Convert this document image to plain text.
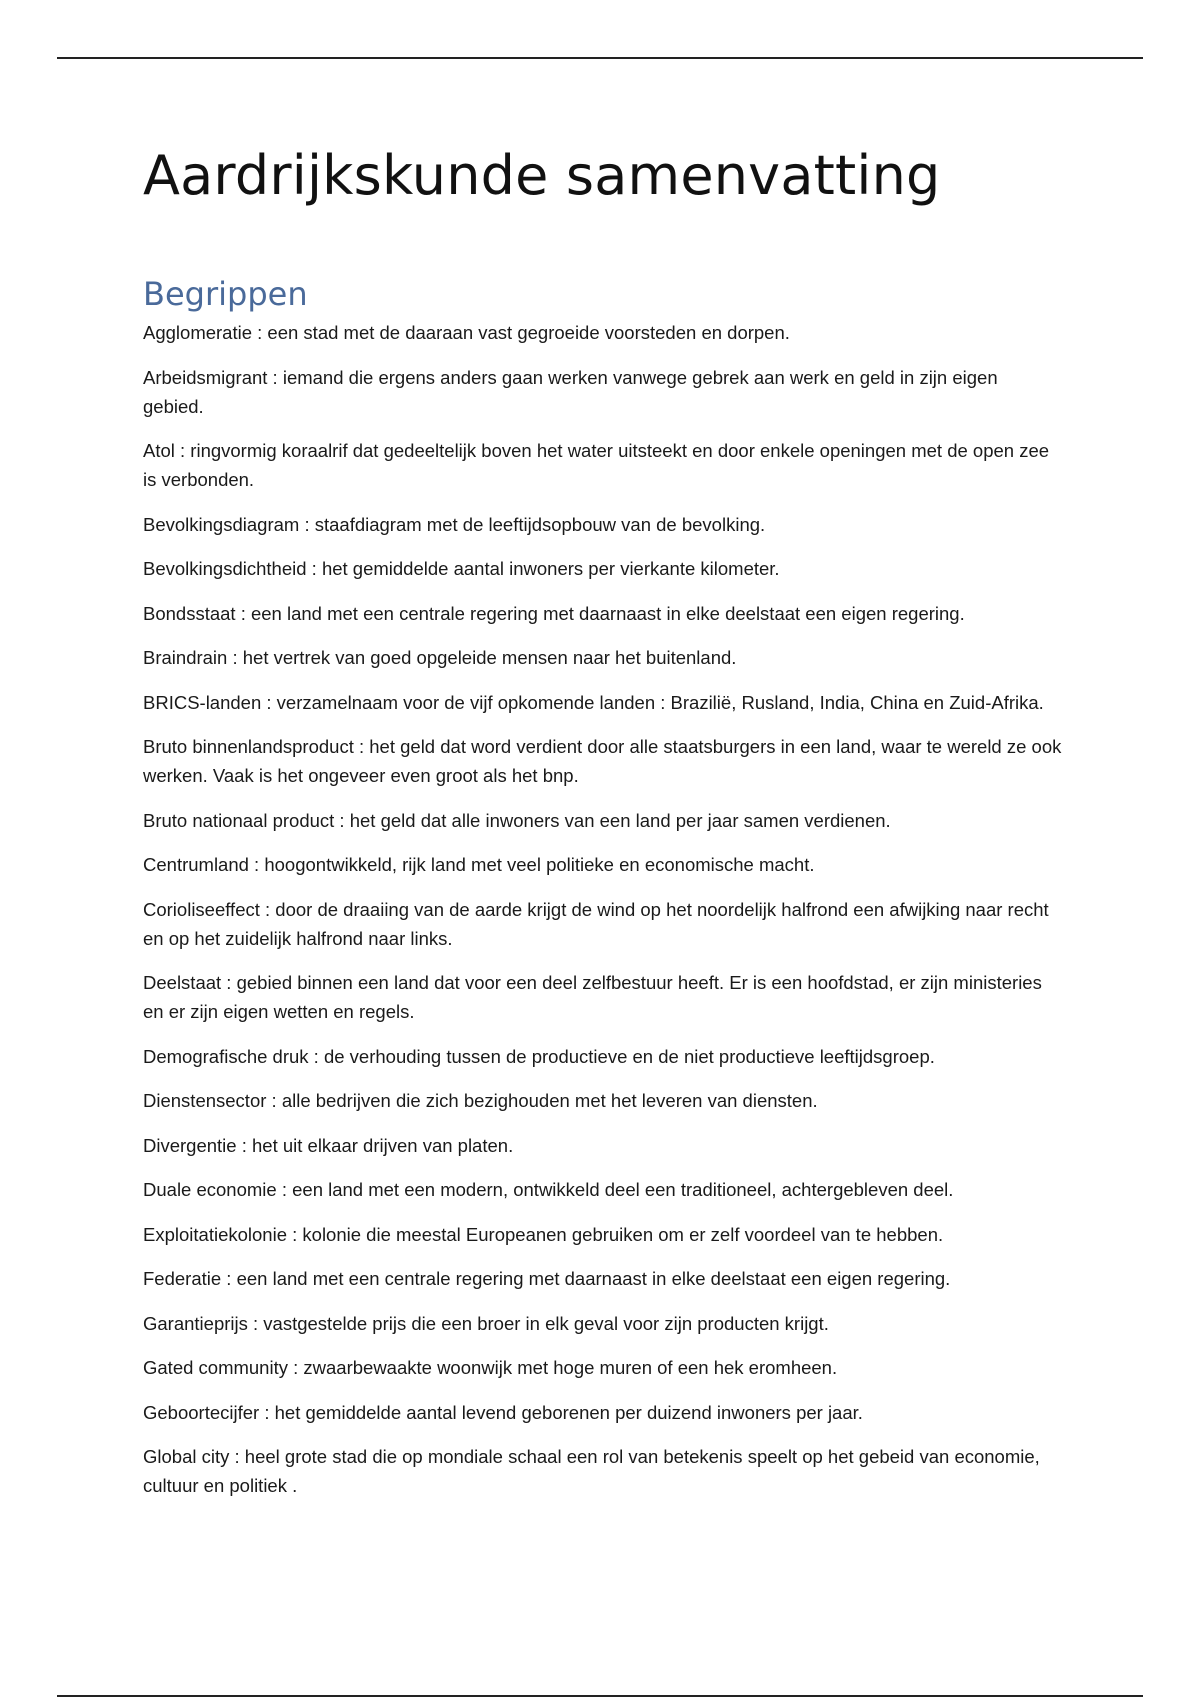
Aardrijkskunde samenvatting
Begrippen
Agglomeratie : een stad met de daaraan vast gegroeide voorsteden en dorpen.
Arbeidsmigrant : iemand die ergens anders gaan werken vanwege gebrek aan werk en geld in zijn eigen gebied.
Atol : ringvormig koraalrif dat gedeeltelijk boven het water uitsteekt en door enkele openingen met de open zee is verbonden.
Bevolkingsdiagram : staafdiagram met de leeftijdsopbouw van de bevolking.
Bevolkingsdichtheid : het gemiddelde aantal inwoners per vierkante kilometer.
Bondsstaat : een land met een centrale regering met daarnaast in elke deelstaat een eigen regering.
Braindrain : het vertrek van goed opgeleide mensen naar het buitenland.
BRICS-landen : verzamelnaam voor de vijf opkomende landen : Brazilië, Rusland, India, China en Zuid-Afrika.
Bruto binnenlandsproduct : het geld dat word verdient door alle staatsburgers in een land, waar te wereld ze ook werken. Vaak is het ongeveer even groot als het bnp.
Bruto nationaal product : het geld dat alle inwoners van een land per jaar samen verdienen.
Centrumland : hoogontwikkeld, rijk land met veel politieke en economische macht.
Corioliseeffect : door de draaiing van de aarde krijgt de wind op het noordelijk halfrond een afwijking naar recht en op het zuidelijk halfrond naar links.
Deelstaat : gebied binnen een land dat voor een deel zelfbestuur heeft. Er is een hoofdstad, er zijn ministeries en er zijn eigen wetten en regels.
Demografische druk : de verhouding tussen de productieve en de niet productieve leeftijdsgroep.
Dienstensector : alle bedrijven die zich bezighouden met het leveren van diensten.
Divergentie : het uit elkaar drijven van platen.
Duale economie : een land met een modern, ontwikkeld deel een traditioneel, achtergebleven deel.
Exploitatiekolonie : kolonie die meestal Europeanen gebruiken om er zelf voordeel van te hebben.
Federatie : een land met een centrale regering met daarnaast in elke deelstaat een eigen regering.
Garantieprijs : vastgestelde prijs die een broer in elk geval voor zijn producten krijgt.
Gated community : zwaarbewaakte woonwijk met hoge muren of een hek eromheen.
Geboortecijfer : het gemiddelde aantal levend geborenen per duizend inwoners per jaar.
Global city : heel grote stad die op mondiale schaal een rol van betekenis speelt op het gebeid van economie, cultuur en politiek .
